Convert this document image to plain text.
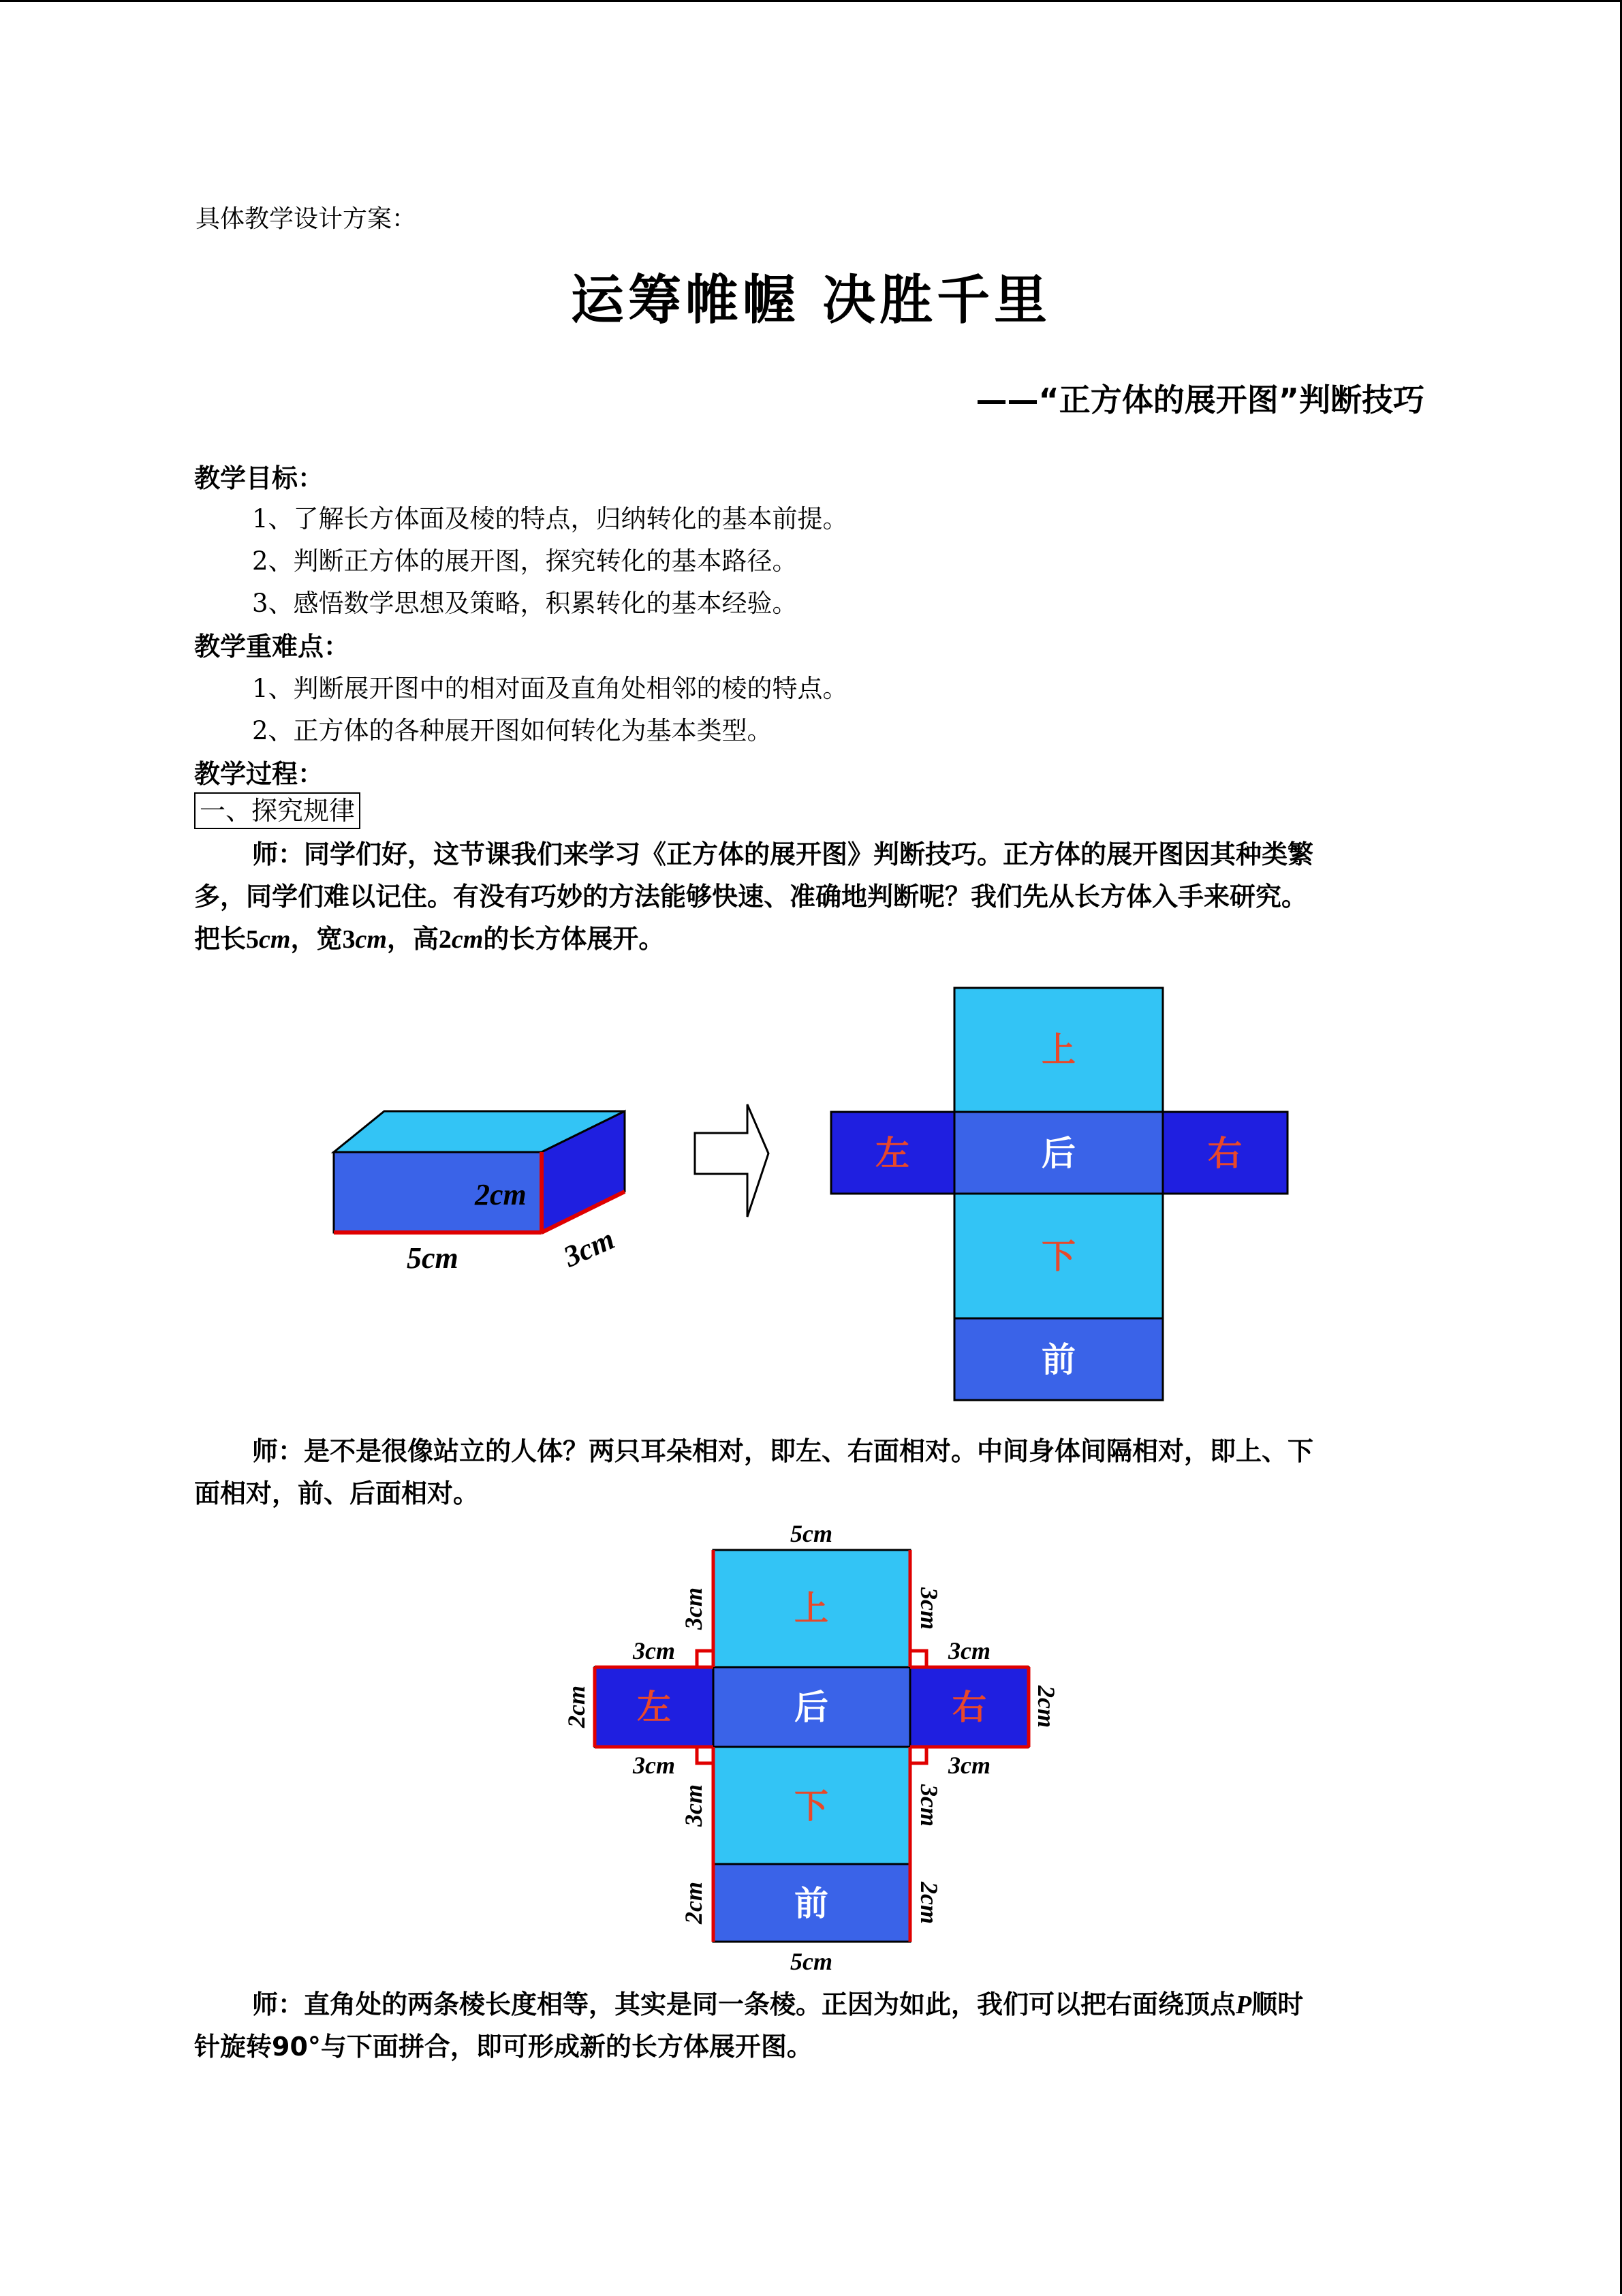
具体教学设计方案：
运筹帷幄 决胜千里
——“正方体的展开图”判断技巧
教学目标：
1、了解长方体面及棱的特点，归纳转化的基本前提。
2、判断正方体的展开图，探究转化的基本路径。
3、感悟数学思想及策略，积累转化的基本经验。
教学重难点：
1、判断展开图中的相对面及直角处相邻的棱的特点。
2、正方体的各种展开图如何转化为基本类型。
教学过程：
一、探究规律
师：同学们好，这节课我们来学习《正方体的展开图》判断技巧。正方体的展开图因其种类繁
多，同学们难以记住。有没有巧妙的方法能够快速、准确地判断呢？我们先从长方体入手来研究。
把长5cm，宽3cm，高2cm的长方体展开。
2cm
5cm	3cm
上
左	后	右
下
前
师：是不是很像站立的人体？两只耳朵相对，即左、右面相对。中间身体间隔相对，即上、下
面相对，前、后面相对。
上
左	后	右
下
前
5cm
5cm
3cm	3cm
3cm	3cm
3cm	3cm
2cm	2cm
3cm	3cm
2cm	2cm
师：直角处的两条棱长度相等，其实是同一条棱。正因为如此，我们可以把右面绕顶点P顺时
针旋转90°与下面拼合，即可形成新的长方体展开图。
